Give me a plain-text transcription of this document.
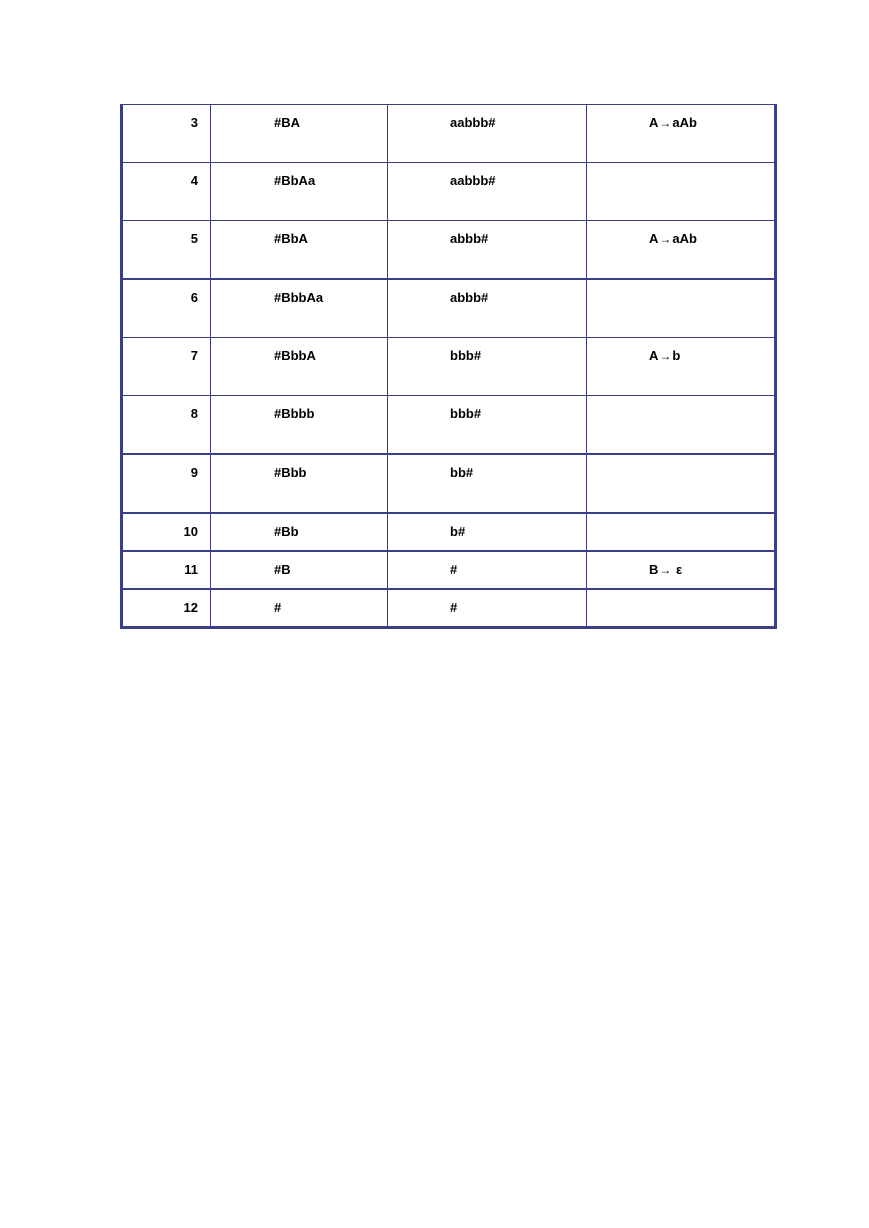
3	#BA	aabbb#	A→aAb
4	#BbAa	aabbb#	
5	#BbA	abbb#	A→aAb
6	#BbbAa	abbb#	
7	#BbbA	bbb#	A→b
8	#Bbbb	bbb#	
9	#Bbb	bb#	
10	#Bb	b#	
11	#B	#	B→ ε
12	#	#	
